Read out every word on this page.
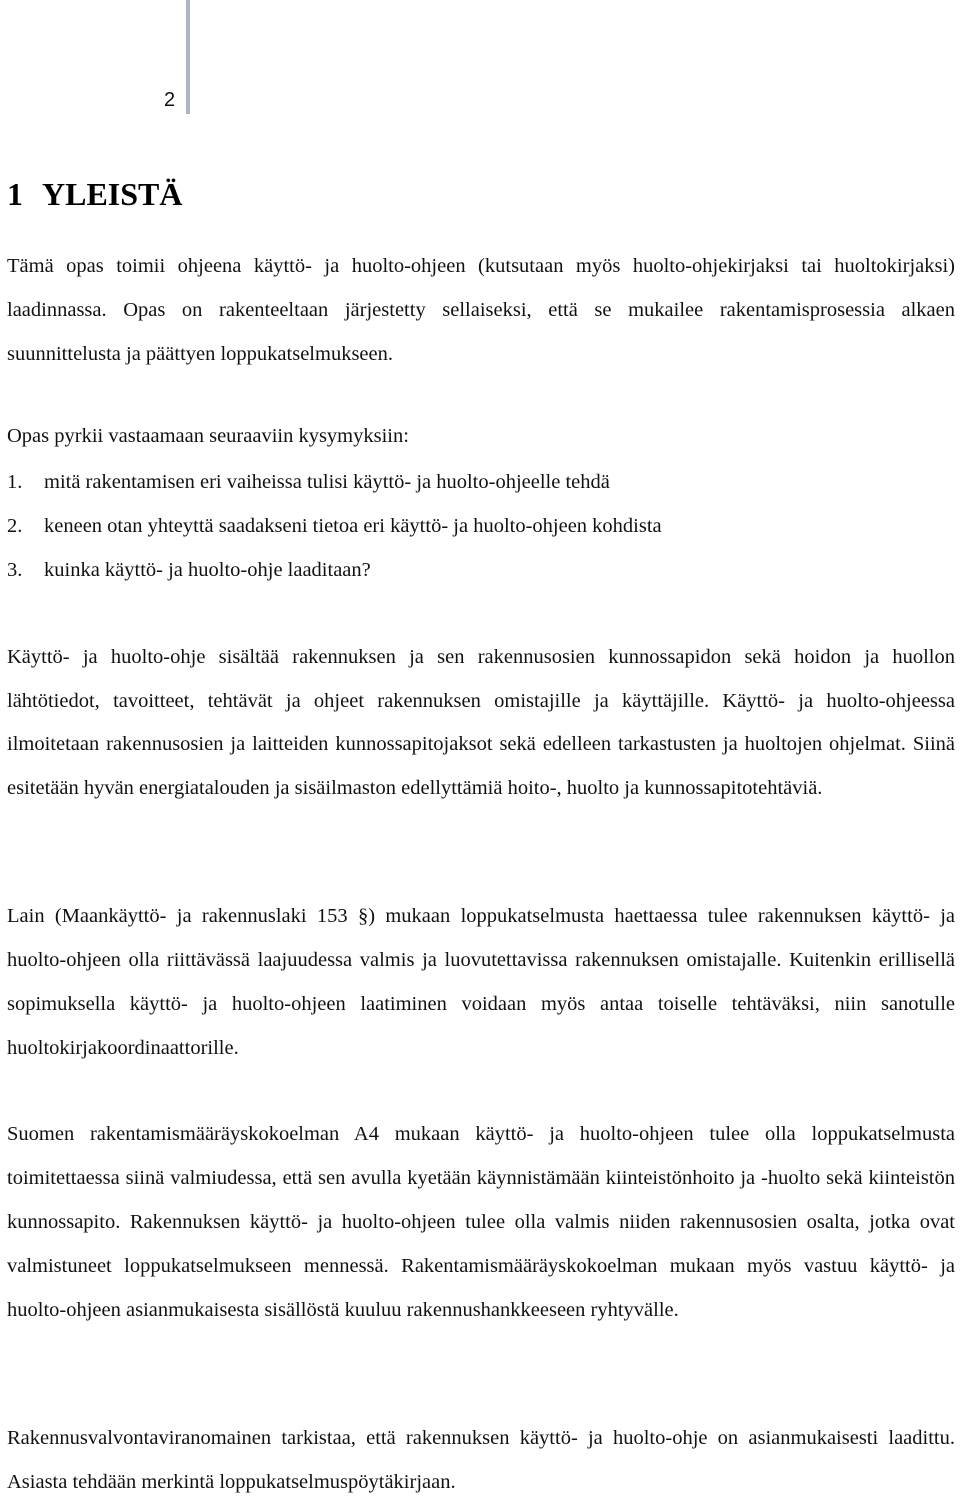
2
1 YLEISTÄ

Tämä opas toimii ohjeena käyttö- ja huolto-ohjeen (kutsutaan myös huolto-ohjekirjaksi tai huoltokirjaksi) laadinnassa. Opas on rakenteeltaan järjestetty sellaiseksi, että se mukailee rakentamisprosessia alkaen suunnittelusta ja päättyen loppukatselmukseen.

Opas pyrkii vastaamaan seuraaviin kysymyksiin:

1. mitä rakentamisen eri vaiheissa tulisi käyttö- ja huolto-ohjeelle tehdä
2. keneen otan yhteyttä saadakseni tietoa eri käyttö- ja huolto-ohjeen kohdista
3. kuinka käyttö- ja huolto-ohje laaditaan?

Käyttö- ja huolto-ohje sisältää rakennuksen ja sen rakennusosien kunnossapidon sekä hoidon ja huollon lähtötiedot, tavoitteet, tehtävät ja ohjeet rakennuksen omistajille ja käyttäjille. Käyttö- ja huolto-ohjeessa ilmoitetaan rakennusosien ja laitteiden kunnossapitojaksot sekä edelleen tarkastusten ja huoltojen ohjelmat. Siinä esitetään hyvän energiatalouden ja sisäilmaston edellyttämiä hoito-, huolto ja kunnossapitotehtäviä.

Lain (Maankäyttö- ja rakennuslaki 153 §) mukaan loppukatselmusta haettaessa tulee rakennuksen käyttö- ja huolto-ohjeen olla riittävässä laajuudessa valmis ja luovutettavissa rakennuksen omistajalle. Kuitenkin erillisellä sopimuksella käyttö- ja huolto-ohjeen laatiminen voidaan myös antaa toiselle tehtäväksi, niin sanotulle huoltokirjakoordinaattorille.

Suomen rakentamismääräyskokoelman A4 mukaan käyttö- ja huolto-ohjeen tulee olla loppukatselmusta toimitettaessa siinä valmiudessa, että sen avulla kyetään käynnistämään kiinteistönhoito ja -huolto sekä kiinteistön kunnossapito. Rakennuksen käyttö- ja huolto-ohjeen tulee olla valmis niiden rakennusosien osalta, jotka ovat valmistuneet loppukatselmukseen mennessä. Rakentamismääräyskokoelman mukaan myös vastuu käyttö- ja huolto-ohjeen asianmukaisesta sisällöstä kuuluu rakennushankkeeseen ryhtyvälle.

Rakennusvalvontaviranomainen tarkistaa, että rakennuksen käyttö- ja huolto-ohje on asianmukaisesti laadittu. Asiasta tehdään merkintä loppukatselmuspöytäkirjaan.
